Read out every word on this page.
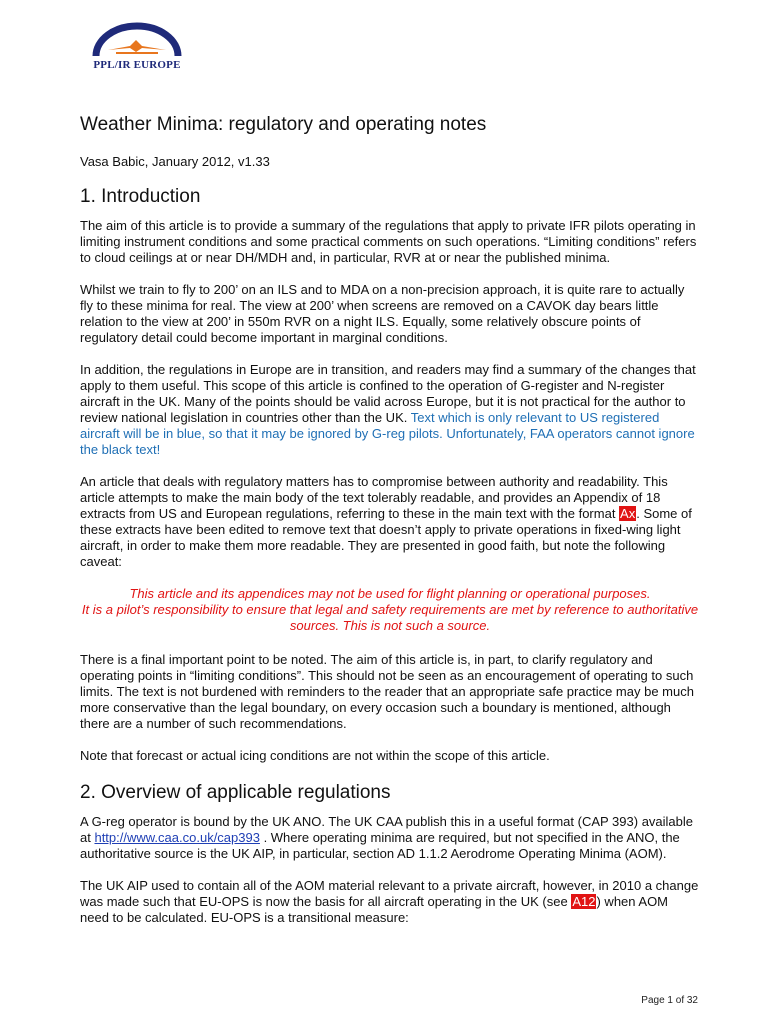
PPL/IR EUROPE
Weather Minima: regulatory and operating notes
Vasa Babic, January 2012, v1.33
1. Introduction

The aim of this article is to provide a summary of the regulations that apply to private IFR pilots operating in limiting instrument conditions and some practical comments on such operations. “Limiting conditions” refers to cloud ceilings at or near DH/MDH and, in particular, RVR at or near the published minima.

Whilst we train to fly to 200’ on an ILS and to MDA on a non-precision approach, it is quite rare to actually fly to these minima for real. The view at 200’ when screens are removed on a CAVOK day bears little relation to the view at 200’ in 550m RVR on a night ILS. Equally, some relatively obscure points of regulatory detail could become important in marginal conditions.

In addition, the regulations in Europe are in transition, and readers may find a summary of the changes that apply to them useful. This scope of this article is confined to the operation of G-register and N-register aircraft in the UK. Many of the points should be valid across Europe, but it is not practical for the author to review national legislation in countries other than the UK. Text which is only relevant to US registered aircraft will be in blue, so that it may be ignored by G-reg pilots. Unfortunately, FAA operators cannot ignore the black text!

An article that deals with regulatory matters has to compromise between authority and readability. This article attempts to make the main body of the text tolerably readable, and provides an Appendix of 18 extracts from US and European regulations, referring to these in the main text with the format Ax. Some of these extracts have been edited to remove text that doesn’t apply to private operations in fixed-wing light aircraft, in order to make them more readable. They are presented in good faith, but note the following caveat:

This article and its appendices may not be used for flight planning or operational purposes.
It is a pilot’s responsibility to ensure that legal and safety requirements are met by reference to authoritative sources. This is not such a source.

There is a final important point to be noted. The aim of this article is, in part, to clarify regulatory and operating points in “limiting conditions”. This should not be seen as an encouragement of operating to such limits. The text is not burdened with reminders to the reader that an appropriate safe practice may be much more conservative than the legal boundary, on every occasion such a boundary is mentioned, although there are a number of such recommendations.

Note that forecast or actual icing conditions are not within the scope of this article.

2. Overview of applicable regulations

A G-reg operator is bound by the UK ANO. The UK CAA publish this in a useful format (CAP 393) available at http://www.caa.co.uk/cap393 . Where operating minima are required, but not specified in the ANO, the authoritative source is the UK AIP, in particular, section AD 1.1.2 Aerodrome Operating Minima (AOM).

The UK AIP used to contain all of the AOM material relevant to a private aircraft, however, in 2010 a change was made such that EU-OPS is now the basis for all aircraft operating in the UK (see A12) when AOM need to be calculated. EU-OPS is a transitional measure:

Page 1 of 32
